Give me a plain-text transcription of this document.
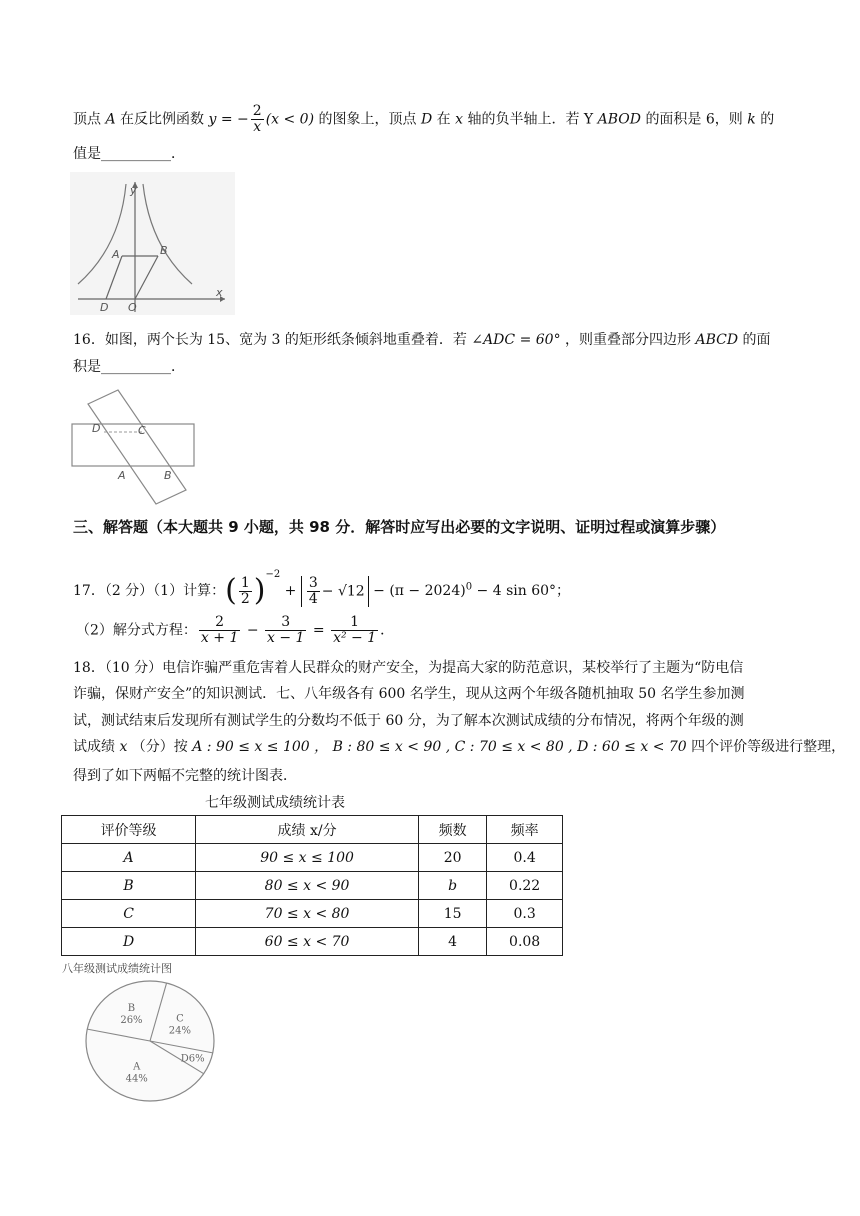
顶点 A 在反比例函数 y = − $\frac{2}{x} (x < 0)$ 的图象上，顶点 D 在 x 轴的负半轴上．若 Y ABOD 的面积是 6，则 k 的
值是__________．
y
x
A	B
D O
16．如图，两个长为 15、宽为 3 的矩形纸条倾斜地重叠着．若 ∠ADC = 60° ，则重叠部分四边形 ABCD 的面
积是__________．
D	C
A	B
三、解答题（本大题共 9 小题，共 98 分．解答时应写出必要的文字说明、证明过程或演算步骤）
17．（2 分）（1）计算：( $\frac{1}{2} )^{-2} + \frac{3}{4} - √12 - (\pi - 2024)^0 - 4$ sin 60°；
（2）解分式方程： $\frac{2}{x + 1} - \frac{3}{x - 1} = \frac{1}{\text{x² − 1}}$ ．
18．（10 分）电信诈骗严重危害着人民群众的财产安全，为提高大家的防范意识，某校举行了主题为“防电信
诈骗，保财产安全”的知识测试．七、八年级各有 600 名学生，现从这两个年级各随机抽取 50 名学生参加测
试，测试结束后发现所有测试学生的分数均不低于 60 分，为了解本次测试成绩的分布情况，将两个年级的测
试成绩 x （分）按 A : 90 ≤ x ≤ 100 ， B : 80 ≤ x < 90 , C : 70 ≤ x < 80 , D : 60 ≤ x < 70 四个评价等级进行整理，
得到了如下两幅不完整的统计图表．
七年级测试成绩统计表
评价等级	成绩 x/分	频数	频率
A	90 ≤ x ≤ 100	20	0.4
B	80 ≤ x < 90	b	0.22
C	70 ≤ x < 80	15	0.3
D	60 ≤ x < 70	4	0.08
八年级测试成绩统计图
C 24%
D6%
A 44%
B 26%
